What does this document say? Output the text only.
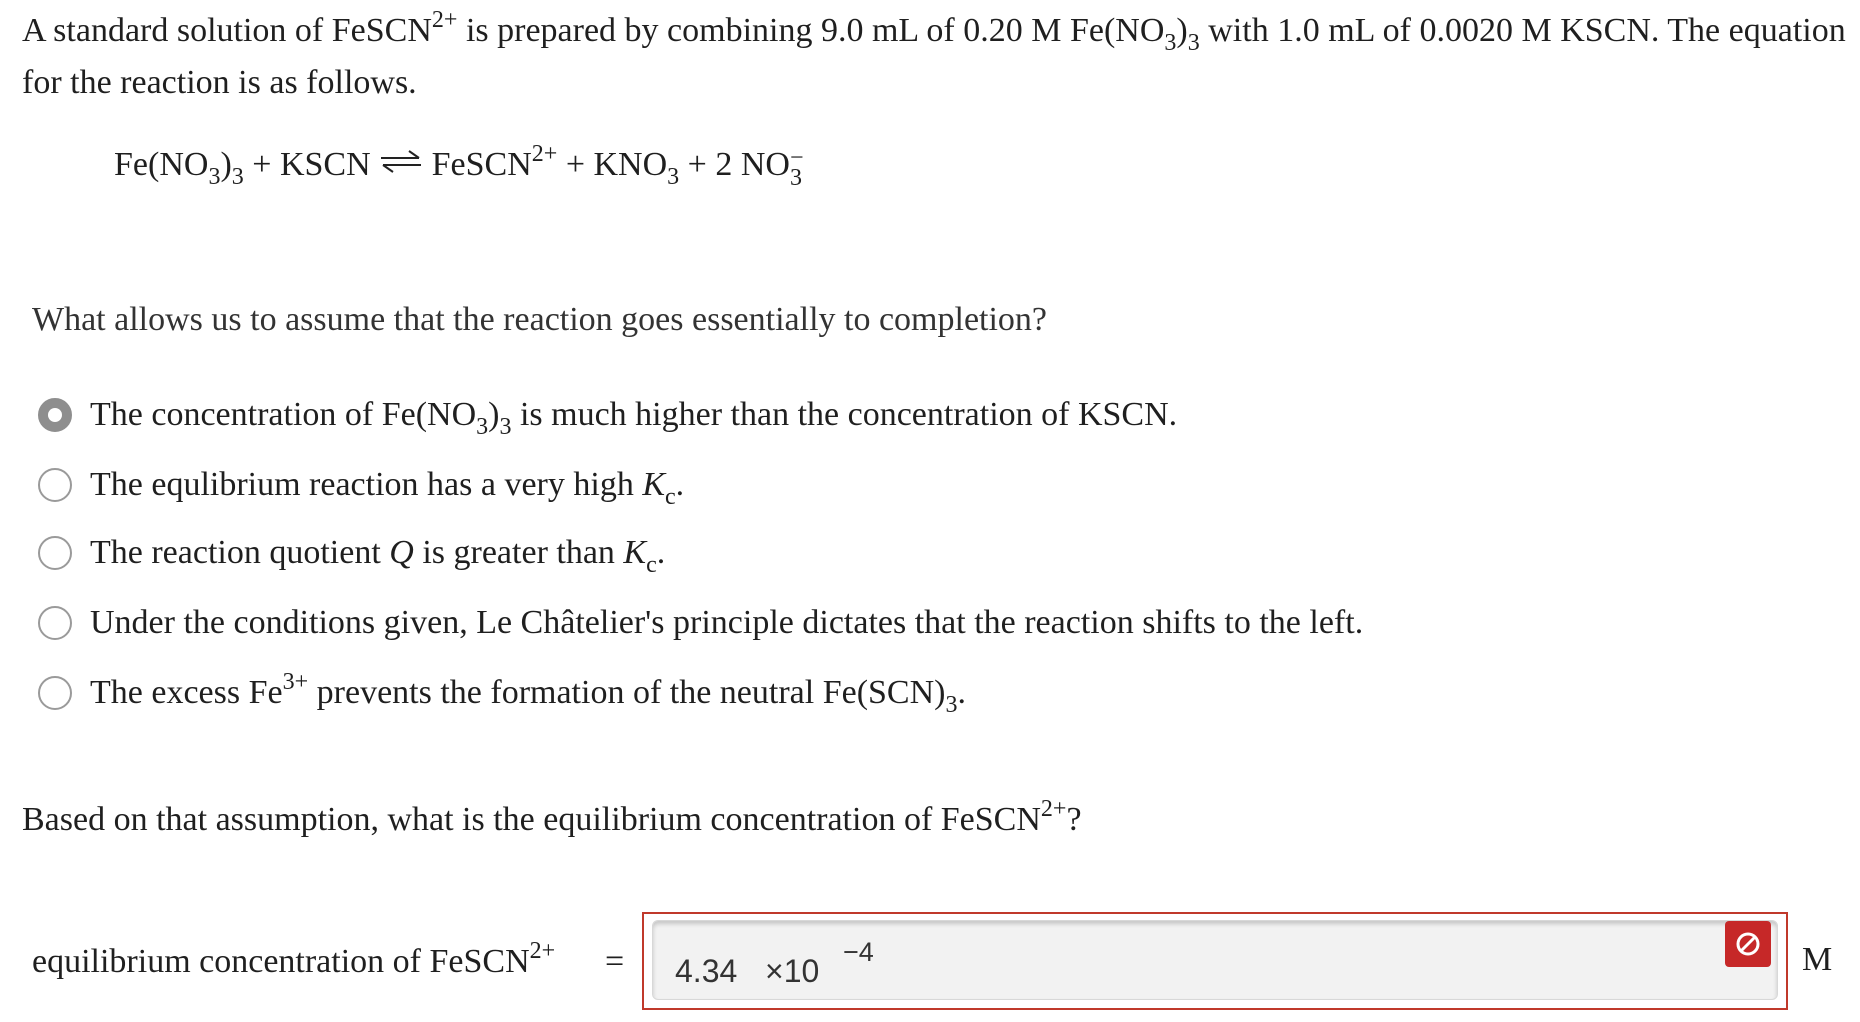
A standard solution of FeSCN$^{2+}$ is prepared by combining 9.0 mL of 0.20 M $Fe(NO_3)_3$ with 1.0 mL of 0.0020 M KSCN. The equation for the reaction is as follows.
$Fe(NO_3)_3$ + KSCN ⇌ FeSCN$^{2+}$ + $KNO_3 + 2$ NO −
3
What allows us to assume that the reaction goes essentially to completion?
The concentration of $Fe(NO_3)_3$ is much higher than the concentration of KSCN.
The equlibrium reaction has a very high $K_c$.
The reaction quotient Q is greater than $K_c$.
Under the conditions given, Le Châtelier's principle dictates that the reaction shifts to the left.
The excess $Fe^{3+}$ prevents the formation of the neutral $Fe(SCN)_3$.
Based on that assumption, what is the equilibrium concentration of FeSCN$^{2+}$?
equilibrium concentration of FeSCN$^{2+}$ = 4.34 ×10
−4	M
